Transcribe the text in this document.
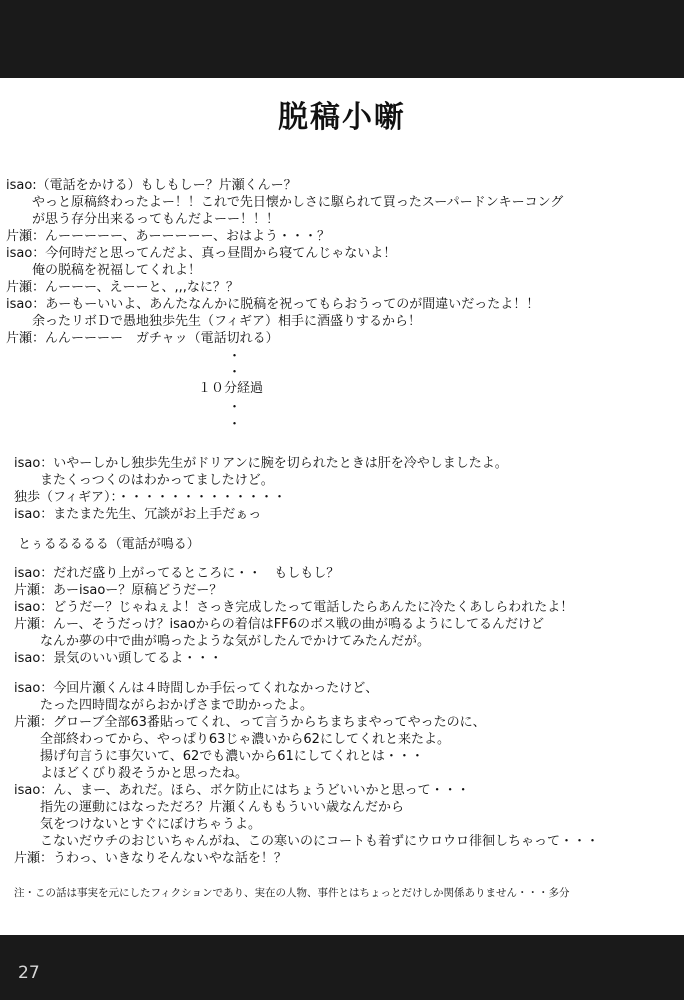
脱稿小噺
isao:（電話をかける）もしもしー？片瀬くんー？
　　やっと原稿終わったよー！！これで先日懐かしさに駆られて買ったスーパードンキーコング
　　が思う存分出来るってもんだよーー！！！
片瀬：んーーーーー、あーーーーー、おはよう・・・？
isao：今何時だと思ってんだよ、真っ昼間から寝てんじゃないよ！
　　俺の脱稿を祝福してくれよ！
片瀬：んーーー、えーーと、,,,なに？？
isao：あーもーいいよ、あんたなんかに脱稿を祝ってもらおうってのが間違いだったよ！！
　　余ったリボＤで愚地独歩先生（フィギア）相手に酒盛りするから！
片瀬：んんーーーー　ガチャッ（電話切れる）
・
・
１０分経過
・
・
isao：いやーしかし独歩先生がドリアンに腕を切られたときは肝を冷やしましたよ。
　　またくっつくのはわかってましたけど。
独歩（フィギア）：・・・・・・・・・・・・・
isao：またまた先生、冗談がお上手だぁっ
とぅるるるるる（電話が鳴る）
isao：だれだ盛り上がってるところに・・　もしもし？
片瀬：あーisaoー？原稿どうだー？
isao：どうだー？じゃねぇよ！さっき完成したって電話したらあんたに冷たくあしらわれたよ！
片瀬：んー、そうだっけ？isaoからの着信はFF6のボス戦の曲が鳴るようにしてるんだけど
　　なんか夢の中で曲が鳴ったような気がしたんでかけてみたんだが。
isao：景気のいい頭してるよ・・・
isao：今回片瀬くんは４時間しか手伝ってくれなかったけど、
　　たった四時間ながらおかげさまで助かったよ。
片瀬：グローブ全部63番貼ってくれ、って言うからちまちまやってやったのに、
　　全部終わってから、やっぱり63じゃ濃いから62にしてくれと来たよ。
　　揚げ句言うに事欠いて、62でも濃いから61にしてくれとは・・・
　　よほどくびり殺そうかと思ったね。
isao：ん、まー、あれだ。ほら、ボケ防止にはちょうどいいかと思って・・・
　　指先の運動にはなっただろ？片瀬くんももういい歳なんだから
　　気をつけないとすぐにぼけちゃうよ。
　　こないだウチのおじいちゃんがね、この寒いのにコートも着ずにウロウロ徘徊しちゃって・・・
片瀬：うわっ、いきなりそんないやな話を！？
注・この話は事実を元にしたフィクションであり、実在の人物、事件とはちょっとだけしか関係ありません・・・多分
27
